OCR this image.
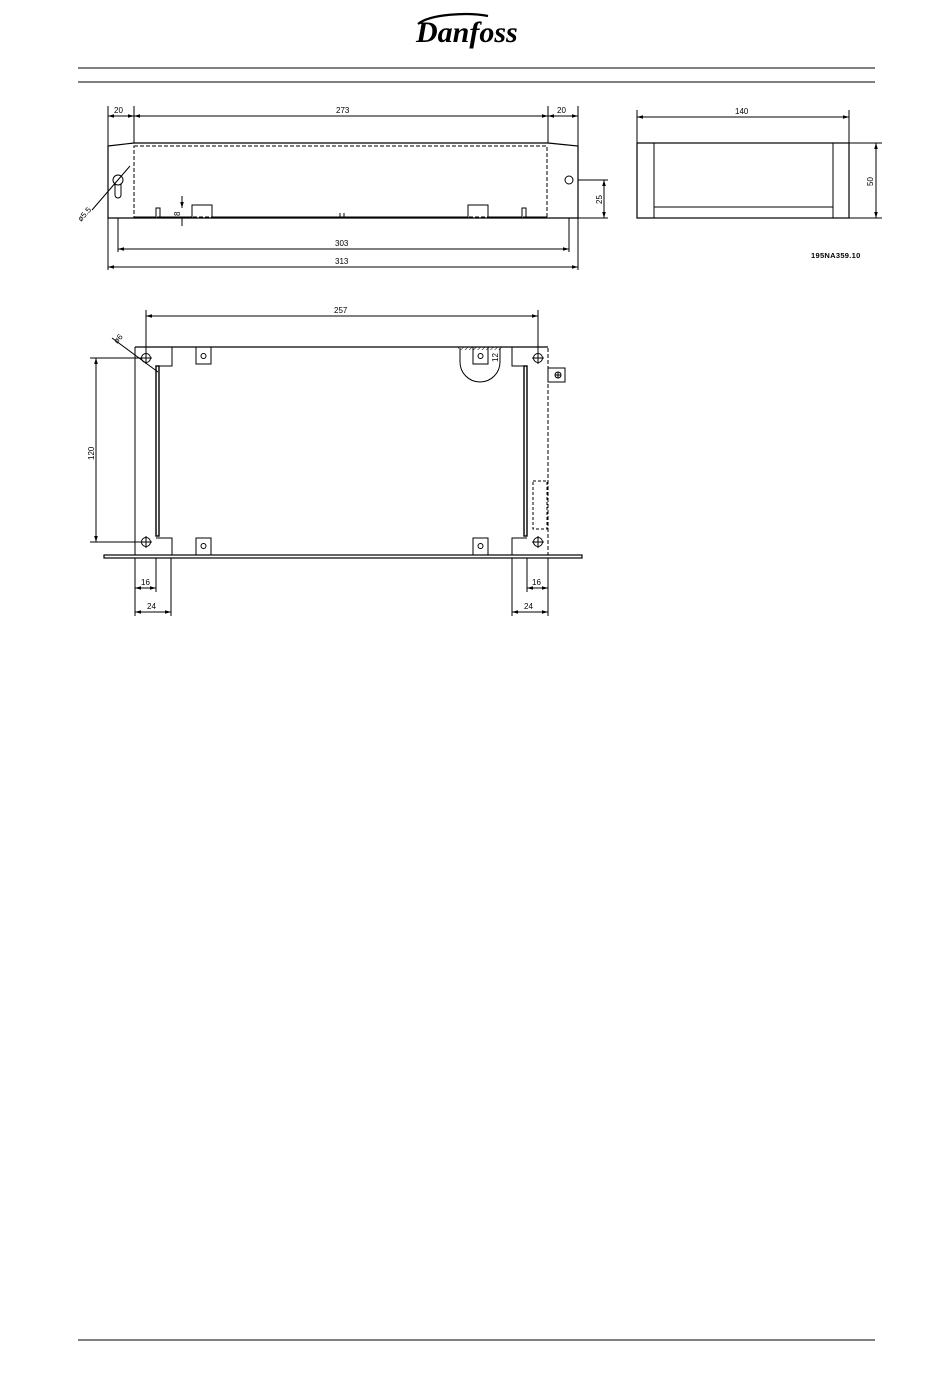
Danfoss
20	273	20
303
313
25
8
ø5.5
140
50
195NA359.10
257
ø6
120
12
16
24
16
24
